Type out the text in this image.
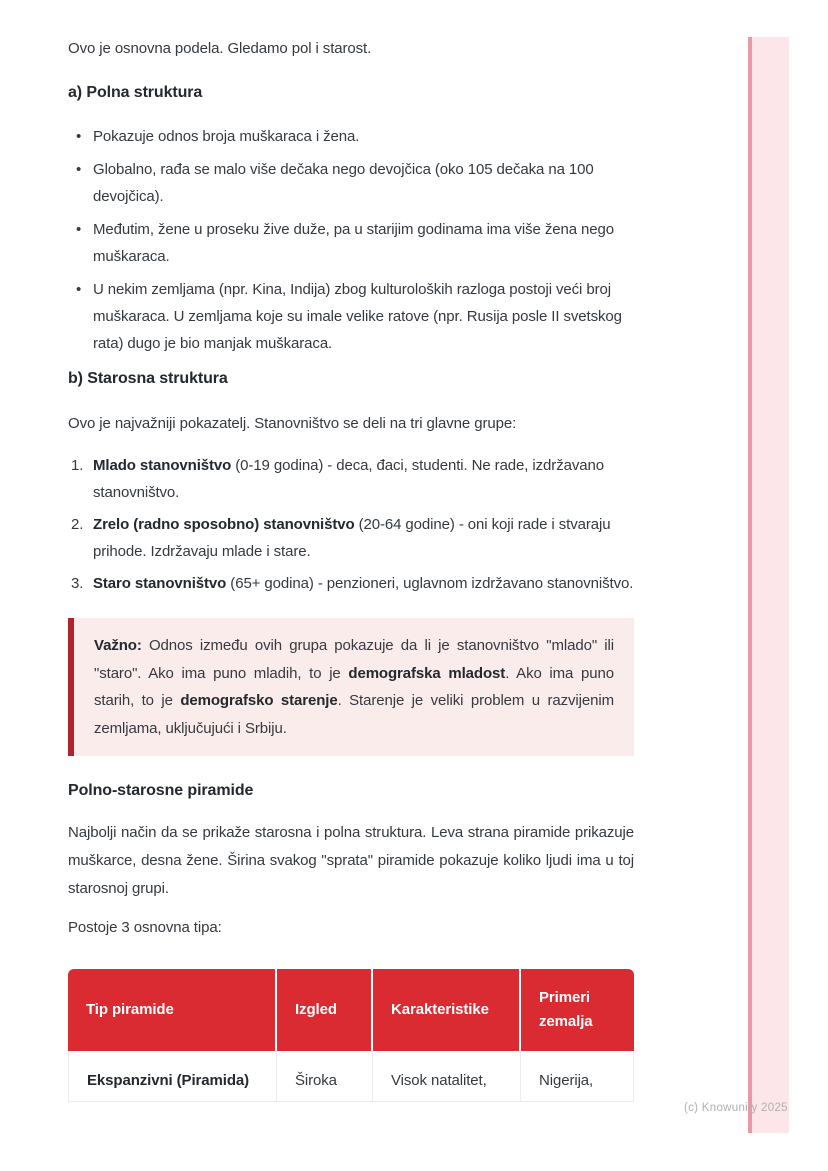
Ovo je osnovna podela. Gledamo pol i starost.

a) Polna struktura
• Pokazuje odnos broja muškaraca i žena.
• Globalno, rađa se malo više dečaka nego devojčica (oko 105 dečaka na 100 devojčica).
• Međutim, žene u proseku žive duže, pa u starijim godinama ima više žena nego muškaraca.
• U nekim zemljama (npr. Kina, Indija) zbog kulturoloških razloga postoji veći broj muškaraca. U zemljama koje su imale velike ratove (npr. Rusija posle II svetskog rata) dugo je bio manjak muškaraca.
b) Starosna struktura

Ovo je najvažniji pokazatelj. Stanovništvo se deli na tri glavne grupe:

Mlado stanovništvo (0-19 godina) - deca, đaci, studenti. Ne rade, izdržavano stanovništvo.
Zrelo (radno sposobno) stanovništvo (20-64 godine) - oni koji rade i stvaraju prihode. Izdržavaju mlade i stare.
Staro stanovništvo (65+ godina) - penzioneri, uglavnom izdržavano stanovništvo.

Važno: Odnos između ovih grupa pokazuje da li je stanovništvo "mlado" ili "staro". Ako ima puno mladih, to je demografska mladost. Ako ima puno starih, to je demografsko starenje. Starenje je veliki problem u razvijenim zemljama, uključujući i Srbiju.

Polno-starosne piramide

Najbolji način da se prikaže starosna i polna struktura. Leva strana piramide prikazuje muškarce, desna žene. Širina svakog "sprata" piramide pokazuje koliko ljudi ima u toj starosnoj grupi.

Postoje 3 osnovna tipa:

Tip piramide	Izgled	Karakteristike	Primeri zemalja
Ekspanzivni (Piramida)	Široka	Visok natalitet,	Nigerija,
(c) Knowunity 2025
